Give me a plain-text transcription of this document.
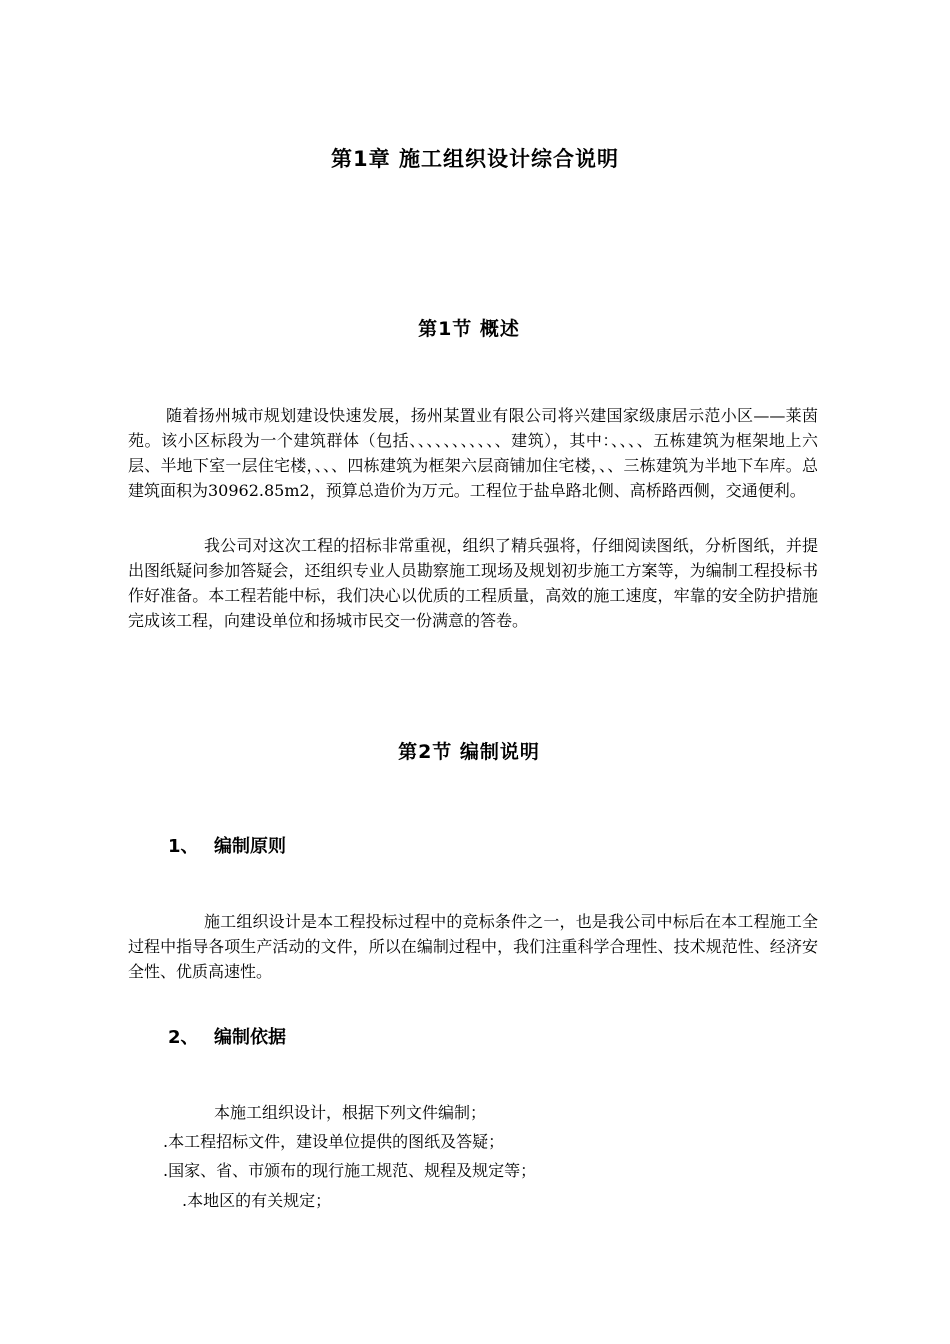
第1章 施工组织设计综合说明
第1节 概述
随着扬州城市规划建设快速发展，扬州某置业有限公司将兴建国家级康居示范小区——莱茵苑。该小区标段为一个建筑群体（包括、、、、、、、、、、、建筑），其中：、、、、五栋建筑为框架地上六层、半地下室一层住宅楼，、、、四栋建筑为框架六层商铺加住宅楼，、、三栋建筑为半地下车库。总建筑面积为30962.85m2，预算总造价为万元。工程位于盐阜路北侧、高桥路西侧，交通便利。
我公司对这次工程的招标非常重视，组织了精兵强将，仔细阅读图纸，分析图纸，并提出图纸疑问参加答疑会，还组织专业人员勘察施工现场及规划初步施工方案等，为编制工程投标书作好准备。本工程若能中标，我们决心以优质的工程质量，高效的施工速度，牢靠的安全防护措施完成该工程，向建设单位和扬城市民交一份满意的答卷。
第2节 编制说明
1、 编制原则
施工组织设计是本工程投标过程中的竞标条件之一，也是我公司中标后在本工程施工全过程中指导各项生产活动的文件，所以在编制过程中，我们注重科学合理性、技术规范性、经济安全性、优质高速性。
2、 编制依据
本施工组织设计，根据下列文件编制；
.本工程招标文件，建设单位提供的图纸及答疑；
.国家、省、市颁布的现行施工规范、规程及规定等；
.本地区的有关规定；
